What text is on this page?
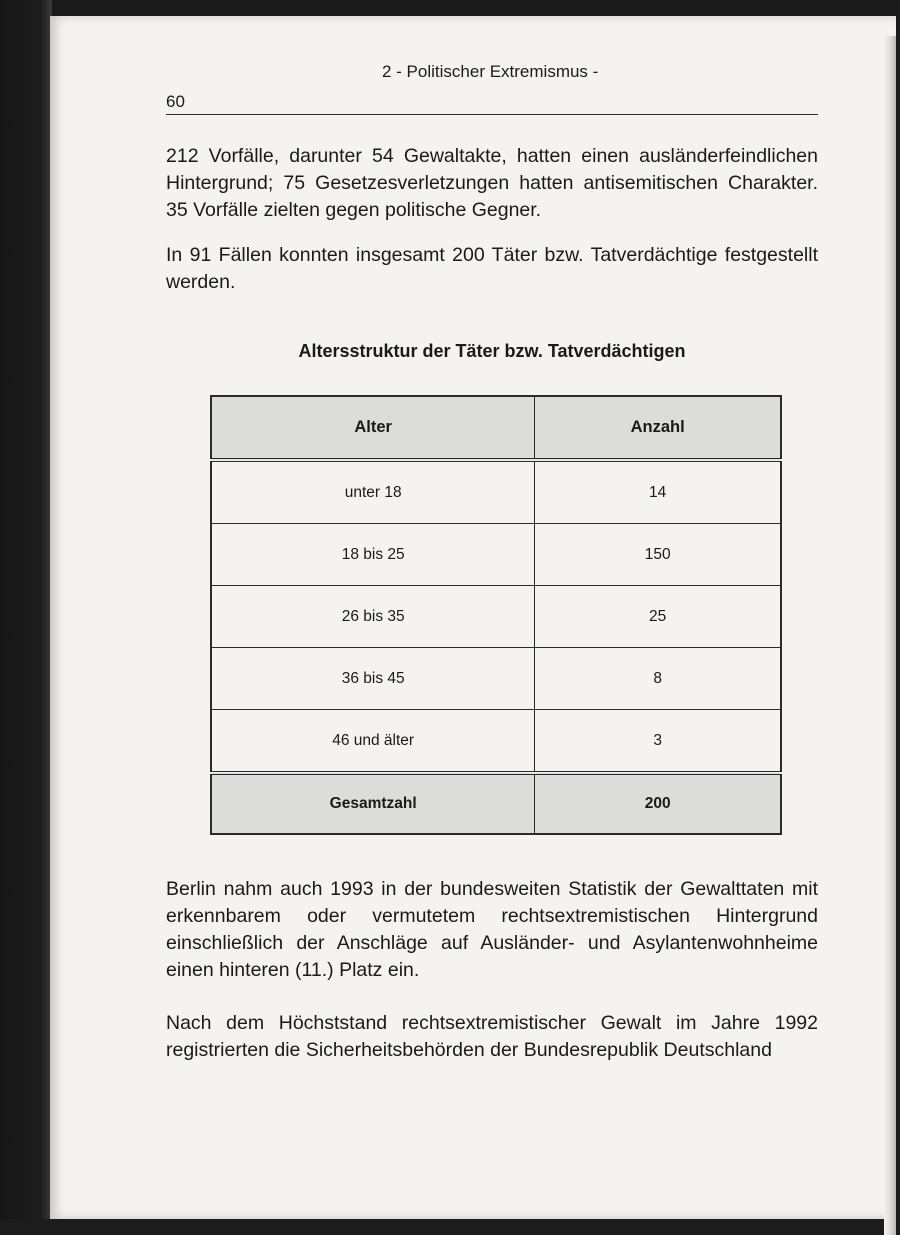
2 - Politischer Extremismus -
60

212 Vorfälle, darunter 54 Gewaltakte, hatten einen ausländerfeindlichen Hintergrund; 75 Gesetzesverletzungen hatten antisemitischen Charakter. 35 Vorfälle zielten gegen politische Gegner.

In 91 Fällen konnten insgesamt 200 Täter bzw. Tatverdächtige festgestellt werden.

Altersstruktur der Täter bzw. Tatverdächtigen
Alter	Anzahl
unter 18	14
18 bis 25	150
26 bis 35	25
36 bis 45	8
46 und älter	3
Gesamtzahl	200

Berlin nahm auch 1993 in der bundesweiten Statistik der Gewalttaten mit erkennbarem oder vermutetem rechtsextremistischen Hintergrund einschließlich der Anschläge auf Ausländer- und Asylantenwohnheime einen hinteren (11.) Platz ein.

Nach dem Höchststand rechtsextremistischer Gewalt im Jahre 1992 registrierten die Sicherheitsbehörden der Bundesrepublik Deutschland
